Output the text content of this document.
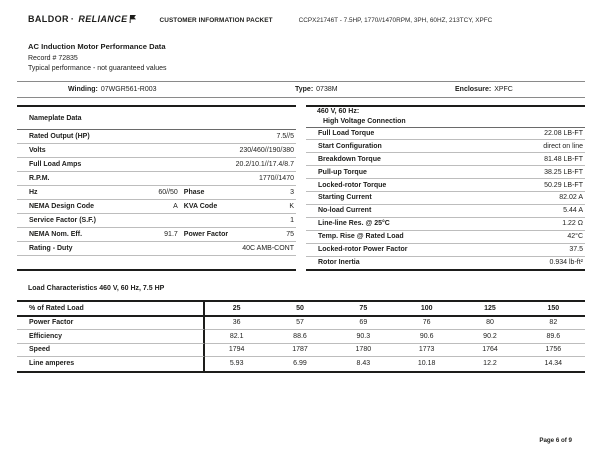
BALDOR · RELIANCE	CUSTOMER INFORMATION PACKET	CCPX21746T - 7.5HP, 1770//1470RPM, 3PH, 60HZ, 213TCY, XPFC
AC Induction Motor Performance Data
Record # 72835
Typical performance - not guaranteed values
Winding: 07WGR561-R003	Type: 0738M	Enclosure: XPFC
Nameplate Data
Rated Output (HP)	7.5//5
Volts	230/460//190/380
Full Load Amps	20.2/10.1//17.4/8.7
R.P.M.	1770//1470
Hz	60//50 Phase	3
NEMA Design Code	A KVA Code	K
Service Factor (S.F.)	1
NEMA Nom. Eff.	91.7 Power Factor	75
Rating - Duty	40C AMB-CONT
460 V, 60 Hz:
High Voltage Connection
Full Load Torque	22.08 LB-FT
Start Configuration	direct on line
Breakdown Torque	81.48 LB-FT
Pull-up Torque	38.25 LB-FT
Locked-rotor Torque	50.29 LB-FT
Starting Current	82.02 A
No-load Current	5.44 A
Line-line Res. @ 25°C	1.22 Ω
Temp. Rise @ Rated Load	42°C
Locked-rotor Power Factor	37.5
Rotor Inertia	0.934 lb-ft²
Load Characteristics 460 V, 60 Hz, 7.5 HP
% of Rated Load	25	50	75	100	125	150
Power Factor	36	57	69	76	80	82
Efficiency	82.1	88.6	90.3	90.6	90.2	89.6
Speed	1794	1787	1780	1773	1764	1756
Line amperes	5.93	6.99	8.43	10.18	12.2	14.34
Page 6 of 9
